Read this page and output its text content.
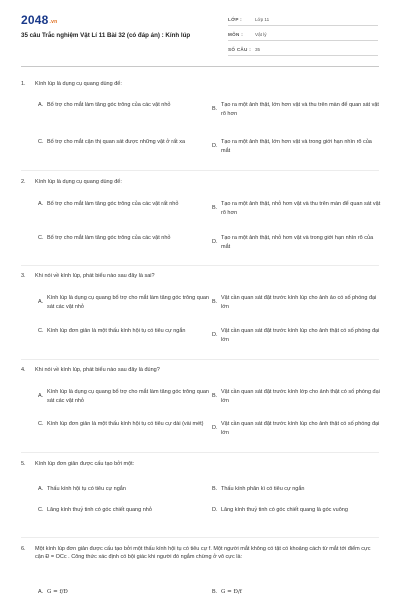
2048.vn
35 câu Trắc nghiệm Vật Lí 11 Bài 32 (có đáp án) : Kính lúp
LỚP :	Lớp 11
MÔN :	Vật lý
SỐ CÂU : 35
1.	Kính lúp là dụng cụ quang dùng để:
A. Bổ trợ cho mắt làm tăng góc trông của các vật nhỏ
B.
Tạo ra một ảnh thật, lớn hơn vật và thu trên màn để quan sát vật rõ hơn
C. Bổ trợ cho mắt cận thị quan sát được những vật ở rất xa
D.
Tạo ra một ảnh thật, lớn hơn vật và trong giới hạn nhìn rõ của mắt
2.	Kính lúp là dụng cụ quang dùng để:
A. Bổ trợ cho mắt làm tăng góc trông của các vật rất nhỏ
B.
Tạo ra một ảnh thật, nhỏ hơn vật và thu trên màn để quan sát vật rõ hơn
C. Bổ trợ cho mắt làm tăng góc trông của các vật nhỏ
D.
Tạo ra một ảnh thật, nhỏ hơn vật và trong giới hạn nhìn rõ của mắt
3.	Khi nói về kính lúp, phát biểu nào sau đây là sai?
A.
Kính lúp là dụng cụ quang bổ trợ cho mắt làm tăng góc trông quan sát các vật nhỏ
B.
Vật cần quan sát đặt trước kính lúp cho ảnh ảo có số phóng đại lớn
C. Kính lúp đơn giản là một thấu kính hội tụ có tiêu cự ngắn
D.
Vật cần quan sát đặt trước kính lúp cho ảnh thật có số phóng đại lớn
4.	Khi nói về kính lúp, phát biểu nào sau đây là đúng?
A.
Kính lúp là dụng cụ quang bổ trợ cho mắt làm tăng góc trông quan sát các vật nhỏ
B.
Vật cần quan sát đặt trước kính lớp cho ảnh thật có số phóng đại lớn
C. Kính lúp đơn giản là một thấu kính hội tụ có tiêu cự dài (vài mét)
D.
Vật cần quan sát đặt trước kính lúp cho ảnh thật có số phóng đại lớn
5.	Kính lúp đơn giản được cấu tạo bởi một:
A. Thấu kính hội tụ có tiêu cự ngắn	B. Thấu kính phân kì có tiêu cự ngắn
C. Lăng kính thuỷ tinh có góc chiết quang nhỏ	D. Lăng kính thuỷ tinh có góc chiết quang là góc vuông
6.	Một kính lúp đơn giản được cấu tạo bởi một thấu kính hội tụ có tiêu cự f. Một người mắt không có tật có khoảng cách từ mắt tới điểm cực cận Đ = OCc . Công thức xác định có bội giác khi người đó ngắm chừng ở vô cực là:
A. G = f/Đ	B. G = Đ/f
